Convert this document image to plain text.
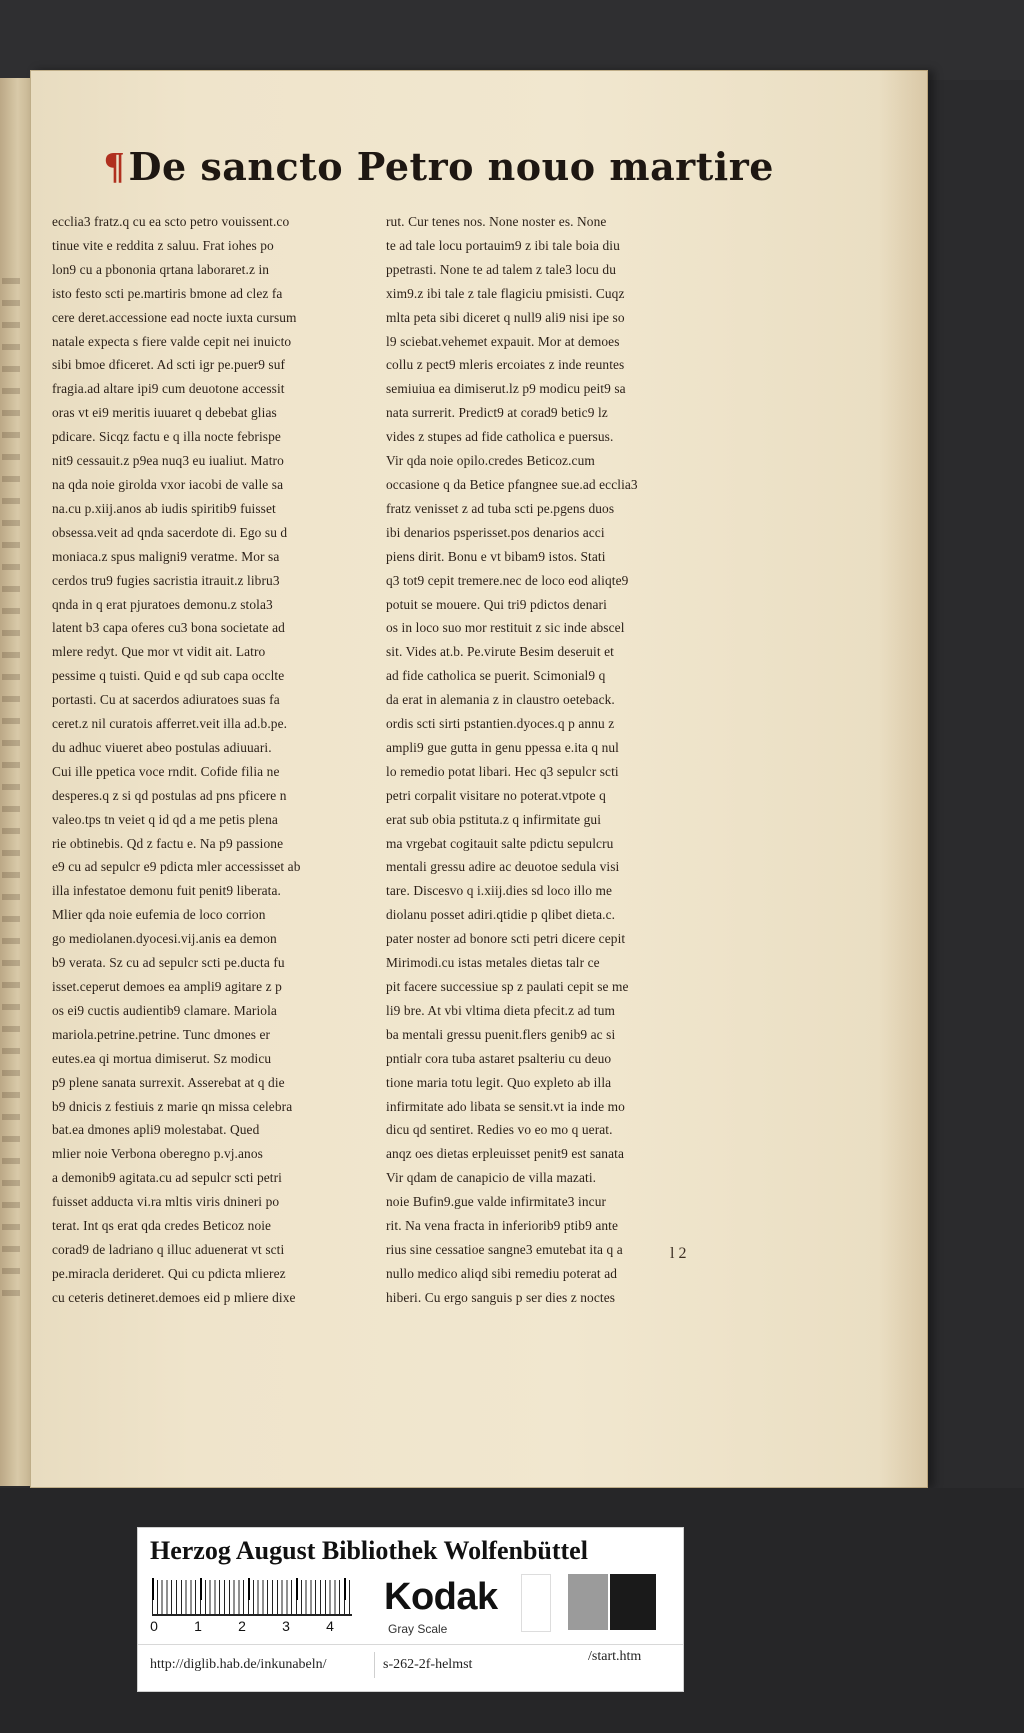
¶ De sancto Petro nouo martire
ecclia3 fratz.q cu ea scto petro vouissent.co
tinue vite e reddita z saluu. Frat iohes po
lon9 cu a pbononia qrtana laboraret.z in
isto festo scti pe.martiris bmone ad clez fa
cere deret.accessione ead nocte iuxta cursum
natale expecta s fiere valde cepit nei inuicto
sibi bmoe dficeret. Ad scti igr pe.puer9 suf
fragia.ad altare ipi9 cum deuotone accessit
oras vt ei9 meritis iuuaret q debebat glias
pdicare. Sicqz factu e q illa nocte febrispe
nit9 cessauit.z p9ea nuq3 eu iualiut. Matro
na qda noie girolda vxor iacobi de valle sa
na.cu p.xiij.anos ab iudis spiritib9 fuisset
obsessa.veit ad qnda sacerdote di. Ego su d
moniaca.z spus maligni9 veratme. Mor sa
cerdos tru9 fugies sacristia itrauit.z libru3
qnda in q erat pjuratoes demonu.z stola3
latent b3 capa oferes cu3 bona societate ad
mlere redyt. Que mor vt vidit ait. Latro
pessime q tuisti. Quid e qd sub capa occlte
portasti. Cu at sacerdos adiuratoes suas fa
ceret.z nil curatois afferret.veit illa ad.b.pe.
du adhuc viueret abeo postulas adiuuari.
Cui ille ppetica voce rndit. Cofide filia ne
desperes.q z si qd postulas ad pns pficere n
valeo.tps tn veiet q id qd a me petis plena
rie obtinebis. Qd z factu e. Na p9 passione
e9 cu ad sepulcr e9 pdicta mler accessisset ab
illa infestatoe demonu fuit penit9 liberata.
Mlier qda noie eufemia de loco corrion
go mediolanen.dyocesi.vij.anis ea demon
b9 verata. Sz cu ad sepulcr scti pe.ducta fu
isset.ceperut demoes ea ampli9 agitare z p
os ei9 cuctis audientib9 clamare. Mariola
mariola.petrine.petrine. Tunc dmones er
eutes.ea qi mortua dimiserut. Sz modicu
p9 plene sanata surrexit. Asserebat at q die
b9 dnicis z festiuis z marie qn missa celebra
bat.ea dmones apli9 molestabat. Qued
mlier noie Verbona oberegno p.vj.anos
a demonib9 agitata.cu ad sepulcr scti petri
fuisset adducta vi.ra mltis viris dnineri po
terat. Int qs erat qda credes Beticoz noie
corad9 de ladriano q illuc aduenerat vt scti
pe.miracla derideret. Qui cu pdicta mlierez
cu ceteris detineret.demoes eid p mliere dixe
rut. Cur tenes nos. None noster es. None
te ad tale locu portauim9 z ibi tale boia diu
ppetrasti. None te ad talem z tale3 locu du
xim9.z ibi tale z tale flagiciu pmisisti. Cuqz
mlta peta sibi diceret q null9 ali9 nisi ipe so
l9 sciebat.vehemet expauit. Mor at demoes
collu z pect9 mleris ercoiates z inde reuntes
semiuiua ea dimiserut.lz p9 modicu peit9 sa
nata surrerit. Predict9 at corad9 betic9 lz
vides z stupes ad fide catholica e puersus.
Vir qda noie opilo.credes Beticoz.cum
occasione q da Betice pfangnee sue.ad ecclia3
fratz venisset z ad tuba scti pe.pgens duos
ibi denarios psperisset.pos denarios acci
piens dirit. Bonu e vt bibam9 istos. Stati
q3 tot9 cepit tremere.nec de loco eod aliqte9
potuit se mouere. Qui tri9 pdictos denari
os in loco suo mor restituit z sic inde abscel
sit. Vides at.b. Pe.virute Besim deseruit et
ad fide catholica se puerit. Scimonial9 q
da erat in alemania z in claustro oeteback.
ordis scti sirti pstantien.dyoces.q p annu z
ampli9 gue gutta in genu ppessa e.ita q nul
lo remedio potat libari. Hec q3 sepulcr scti
petri corpalit visitare no poterat.vtpote q
erat sub obia pstituta.z q infirmitate gui
ma vrgebat cogitauit salte pdictu sepulcru
mentali gressu adire ac deuotoe sedula visi
tare. Discesvo q i.xiij.dies sd loco illo me
diolanu posset adiri.qtidie p qlibet dieta.c.
pater noster ad bonore scti petri dicere cepit
Mirimodi.cu istas metales dietas talr ce
pit facere successiue sp z paulati cepit se me
li9 bre. At vbi vltima dieta pfecit.z ad tum
ba mentali gressu puenit.flers genib9 ac si
pntialr cora tuba astaret psalteriu cu deuo
tione maria totu legit. Quo expleto ab illa
infirmitate ado libata se sensit.vt ia inde mo
dicu qd sentiret. Redies vo eo mo q uerat.
anqz oes dietas erpleuisset penit9 est sanata
Vir qdam de canapicio de villa mazati.
noie Bufin9.gue valde infirmitate3 incur
rit. Na vena fracta in inferiorib9 ptib9 ante
rius sine cessatioe sangne3 emutebat ita q a
nullo medico aliqd sibi remediu poterat ad
hiberi. Cu ergo sanguis p ser dies z noctes
l 2
Herzog August Bibliothek Wolfenbüttel
0	1	2	3	4
Kodak
Gray Scale
http://diglib.hab.de/inkunabeln/	s-262-2f-helmst
/start.htm
